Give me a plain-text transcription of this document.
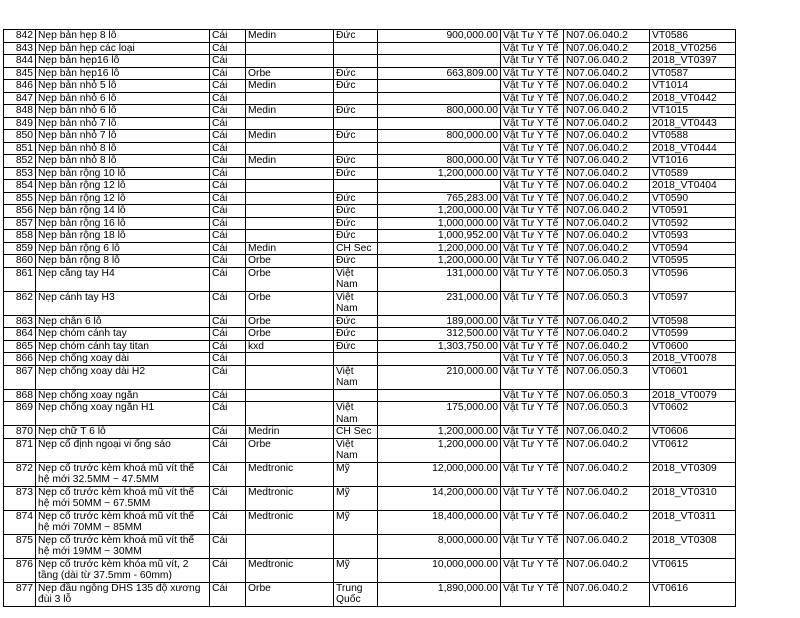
842	Nẹp bản hẹp 8 lỗ	Cái	Medin	Đức	900,000.00	Vật Tư Y Tế	N07.06.040.2	VT0586
843	Nẹp bản hẹp các loại	Cái				Vật Tư Y Tế	N07.06.040.2	2018_VT0256
844	Nẹp bản hẹp16 lỗ	Cái				Vật Tư Y Tế	N07.06.040.2	2018_VT0397
845	Nẹp bản hẹp16 lỗ	Cái	Orbe	Đức	663,809.00	Vật Tư Y Tế	N07.06.040.2	VT0587
846	Nẹp bản nhỏ 5 lỗ	Cái	Medin	Đức		Vật Tư Y Tế	N07.06.040.2	VT1014
847	Nẹp bản nhỏ 6 lỗ	Cái				Vật Tư Y Tế	N07.06.040.2	2018_VT0442
848	Nẹp bản nhỏ 6 lỗ	Cái	Medin	Đức	800,000.00	Vật Tư Y Tế	N07.06.040.2	VT1015
849	Nẹp bản nhỏ 7 lỗ	Cái				Vật Tư Y Tế	N07.06.040.2	2018_VT0443
850	Nẹp bản nhỏ 7 lỗ	Cái	Medin	Đức	800,000.00	Vật Tư Y Tế	N07.06.040.2	VT0588
851	Nẹp bản nhỏ 8 lỗ	Cái				Vật Tư Y Tế	N07.06.040.2	2018_VT0444
852	Nẹp bản nhỏ 8 lỗ	Cái	Medin	Đức	800,000.00	Vật Tư Y Tế	N07.06.040.2	VT1016
853	Nẹp bản rộng 10 lỗ	Cái		Đức	1,200,000.00	Vật Tư Y Tế	N07.06.040.2	VT0589
854	Nẹp bản rộng 12 lỗ	Cái				Vật Tư Y Tế	N07.06.040.2	2018_VT0404
855	Nẹp bản rộng 12 lỗ	Cái		Đức	765,283.00	Vật Tư Y Tế	N07.06.040.2	VT0590
856	Nẹp bản rộng 14 lỗ	Cái		Đức	1,200,000.00	Vật Tư Y Tế	N07.06.040.2	VT0591
857	Nẹp bản rộng 16 lỗ	Cái		Đức	1,000,000.00	Vật Tư Y Tế	N07.06.040.2	VT0592
858	Nẹp bản rộng 18 lỗ	Cái		Đức	1,000,952.00	Vật Tư Y Tế	N07.06.040.2	VT0593
859	Nẹp bản rộng 6 lỗ	Cái	Medin	CH Sec	1,200,000.00	Vật Tư Y Tế	N07.06.040.2	VT0594
860	Nẹp bản rộng 8 lỗ	Cái	Orbe	Đức	1,200,000.00	Vật Tư Y Tế	N07.06.040.2	VT0595
861	Nẹp cẳng tay H4	Cái	Orbe	Việt Nam	131,000.00	Vật Tư Y Tế	N07.06.050.3	VT0596
862	Nẹp cánh tay H3	Cái	Orbe	Việt Nam	231,000.00	Vật Tư Y Tế	N07.06.050.3	VT0597
863	Nẹp chân 6 lỗ	Cái	Orbe	Đức	189,000.00	Vật Tư Y Tế	N07.06.040.2	VT0598
864	Nẹp chóm cánh tay	Cái	Orbe	Đức	312,500.00	Vật Tư Y Tế	N07.06.040.2	VT0599
865	Nẹp chóm cánh tay titan	Cái	kxd	Đức	1,303,750.00	Vật Tư Y Tế	N07.06.040.2	VT0600
866	Nẹp chống xoay dài	Cái				Vật Tư Y Tế	N07.06.050.3	2018_VT0078
867	Nẹp chống xoay dài H2	Cái		Việt Nam	210,000.00	Vật Tư Y Tế	N07.06.050.3	VT0601
868	Nẹp chống xoay ngắn	Cái				Vật Tư Y Tế	N07.06.050.3	2018_VT0079
869	Nẹp chống xoay ngắn H1	Cái		Việt Nam	175,000.00	Vật Tư Y Tế	N07.06.050.3	VT0602
870	Nẹp chữ T 6 lỗ	Cái	Medrin	CH Sec	1,200,000.00	Vật Tư Y Tế	N07.06.040.2	VT0606
871	Nẹp cố định ngoại vi ống sáo	Cái	Orbe	Việt Nam	1,200,000.00	Vật Tư Y Tế	N07.06.040.2	VT0612
872	Nẹp cổ trước kèm khoá mũ vít thế hệ mới 32.5MM ~ 47.5MM	Cái	Medtronic	Mỹ	12,000,000.00	Vật Tư Y Tế	N07.06.040.2	2018_VT0309
873	Nẹp cổ trước kèm khoá mũ vít thế hệ mới 50MM ~ 67.5MM	Cái	Medtronic	Mỹ	14,200,000.00	Vật Tư Y Tế	N07.06.040.2	2018_VT0310
874	Nẹp cổ trước kèm khoá mũ vít thế hệ mới 70MM ~ 85MM	Cái	Medtronic	Mỹ	18,400,000.00	Vật Tư Y Tế	N07.06.040.2	2018_VT0311
875	Nẹp cổ trước kèm khoá mũ vít thế hệ mới 19MM ~ 30MM	Cái			8,000,000.00	Vật Tư Y Tế	N07.06.040.2	2018_VT0308
876	Nẹp cổ trước kèm khóa mũ vít, 2 tầng (dài từ 37.5mm - 60mm)	Cái	Medtronic	Mỹ	10,000,000.00	Vật Tư Y Tế	N07.06.040.2	VT0615
877	Nẹp đầu ngỗng DHS 135 độ xương đùi 3 lỗ	Cái	Orbe	Trung Quốc	1,890,000.00	Vật Tư Y Tế	N07.06.040.2	VT0616
